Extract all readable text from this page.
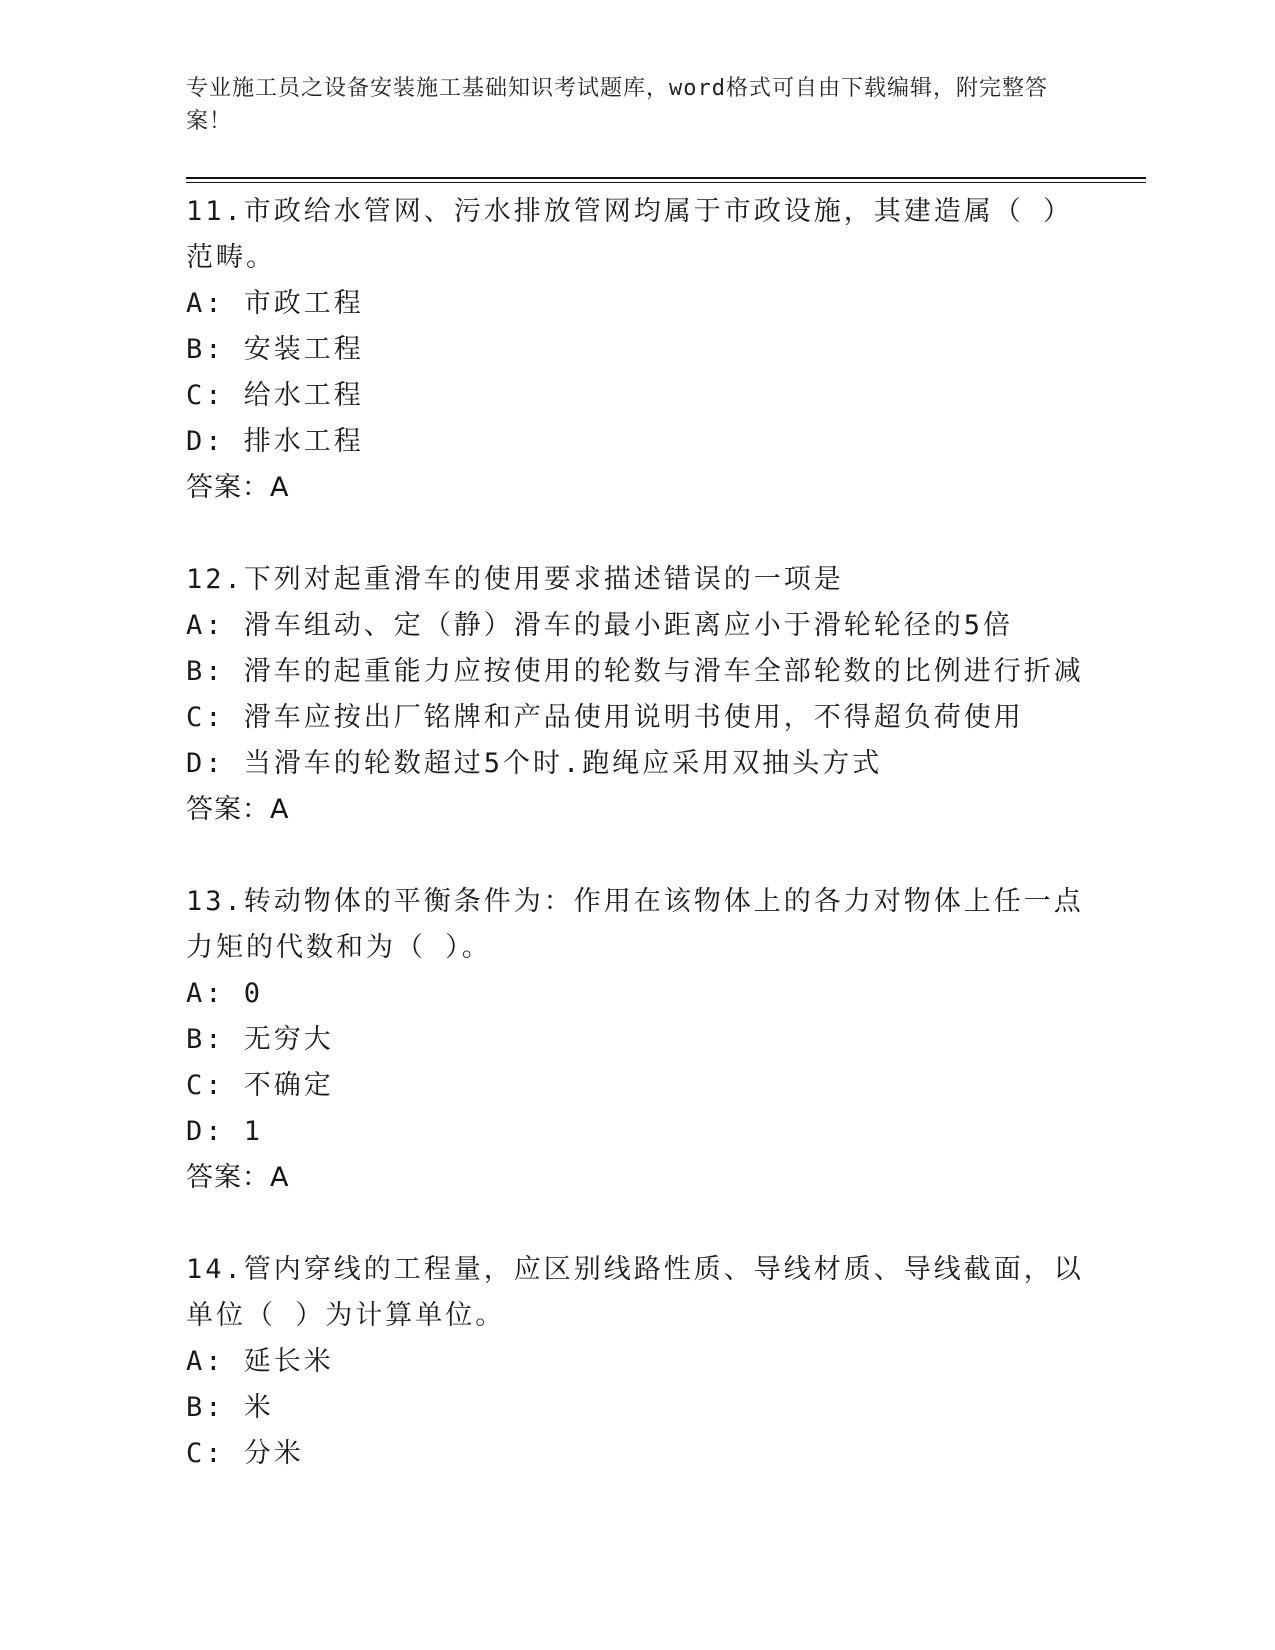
专业施工员之设备安装施工基础知识考试题库，word格式可自由下载编辑，附完整答案！
11.市政给水管网、污水排放管网均属于市政设施，其建造属（ ）范畴。
A: 市政工程
B: 安装工程
C: 给水工程
D: 排水工程
答案：A
12.下列对起重滑车的使用要求描述错误的一项是
A: 滑车组动、定（静）滑车的最小距离应小于滑轮轮径的5倍
B: 滑车的起重能力应按使用的轮数与滑车全部轮数的比例进行折减
C: 滑车应按出厂铭牌和产品使用说明书使用，不得超负荷使用
D: 当滑车的轮数超过5个时.跑绳应采用双抽头方式
答案：A
13.转动物体的平衡条件为：作用在该物体上的各力对物体上任一点力矩的代数和为（ ）。
A: 0
B: 无穷大
C: 不确定
D: 1
答案：A
14.管内穿线的工程量，应区别线路性质、导线材质、导线截面，以单位（ ）为计算单位。
A: 延长米
B: 米
C: 分米
